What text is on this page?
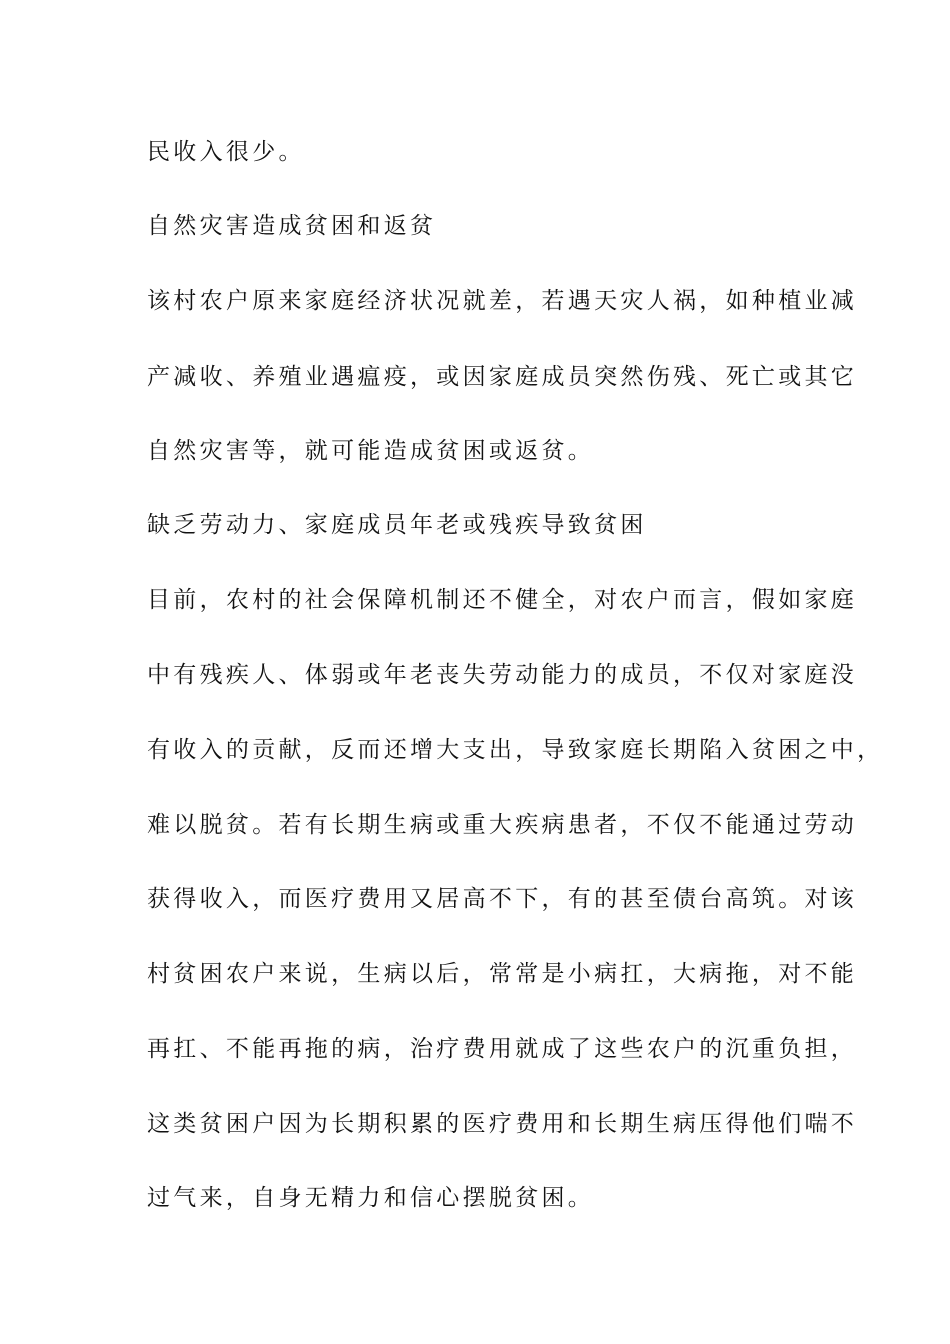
民收入很少。
自然灾害造成贫困和返贫
该村农户原来家庭经济状况就差，若遇天灾人祸，如种植业减
产减收、养殖业遇瘟疫，或因家庭成员突然伤残、死亡或其它
自然灾害等，就可能造成贫困或返贫。
缺乏劳动力、家庭成员年老或残疾导致贫困
目前，农村的社会保障机制还不健全，对农户而言，假如家庭
中有残疾人、体弱或年老丧失劳动能力的成员，不仅对家庭没
有收入的贡献，反而还增大支出，导致家庭长期陷入贫困之中，
难以脱贫。若有长期生病或重大疾病患者，不仅不能通过劳动
获得收入，而医疗费用又居高不下，有的甚至债台高筑。对该
村贫困农户来说，生病以后，常常是小病扛，大病拖，对不能
再扛、不能再拖的病，治疗费用就成了这些农户的沉重负担，
这类贫困户因为长期积累的医疗费用和长期生病压得他们喘不
过气来，自身无精力和信心摆脱贫困。
